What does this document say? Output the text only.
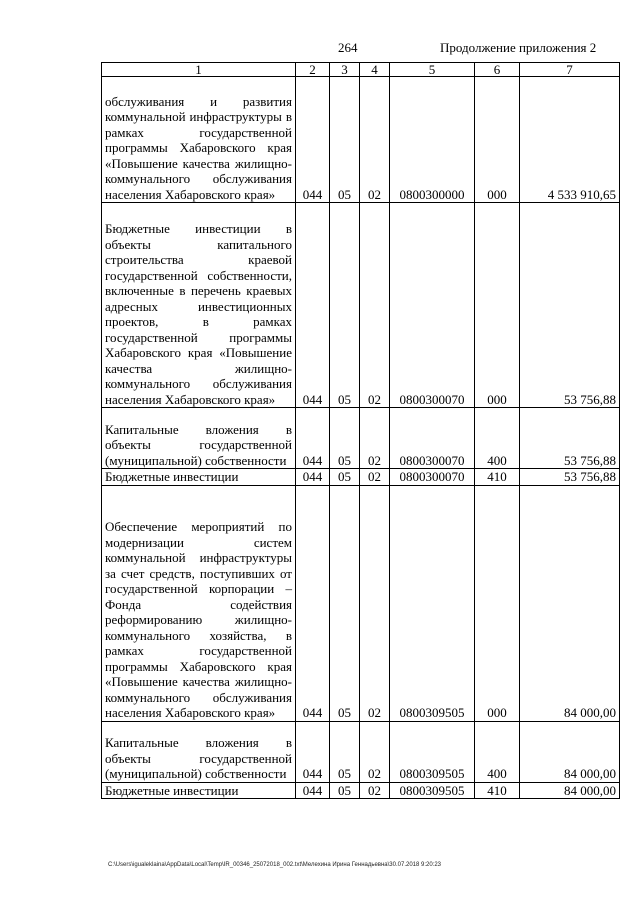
264	Продолжение приложения 2
1	2	3	4	5	6	7
обслуживания и развития коммунальной инфраструктуры в рамках государственной программы Хабаровского края «Повышение качества жилищно-коммунального обслуживания населения Хабаровского края»	044	05	02	0800300000	000	4 533 910,65
Бюджетные инвестиции в объекты капитального строительства краевой государственной собственности, включенные в перечень краевых адресных инвестиционных проектов, в рамках государственной программы Хабаровского края «Повышение качества жилищно-коммунального обслуживания населения Хабаровского края»	044	05	02	0800300070	000	53 756,88
Капитальные вложения в объекты государственной (муниципальной) собственности	044	05	02	0800300070	400	53 756,88
Бюджетные инвестиции	044	05	02	0800300070	410	53 756,88
Обеспечение мероприятий по модернизации систем коммунальной инфраструктуры за счет средств, поступивших от государственной корпорации – Фонда содействия реформированию жилищно-коммунального хозяйства, в рамках государственной программы Хабаровского края «Повышение качества жилищно-коммунального обслуживания населения Хабаровского края»	044	05	02	0800309505	000	84 000,00
Капитальные вложения в объекты государственной (муниципальной) собственности	044	05	02	0800309505	400	84 000,00
Бюджетные инвестиции	044	05	02	0800309505	410	84 000,00
C:\Users\igualeklaina\AppData\Local\Temp\IR_00346_25072018_002.txt\Мелехина Ирина Геннадьевна\30.07.2018 9:20:23
